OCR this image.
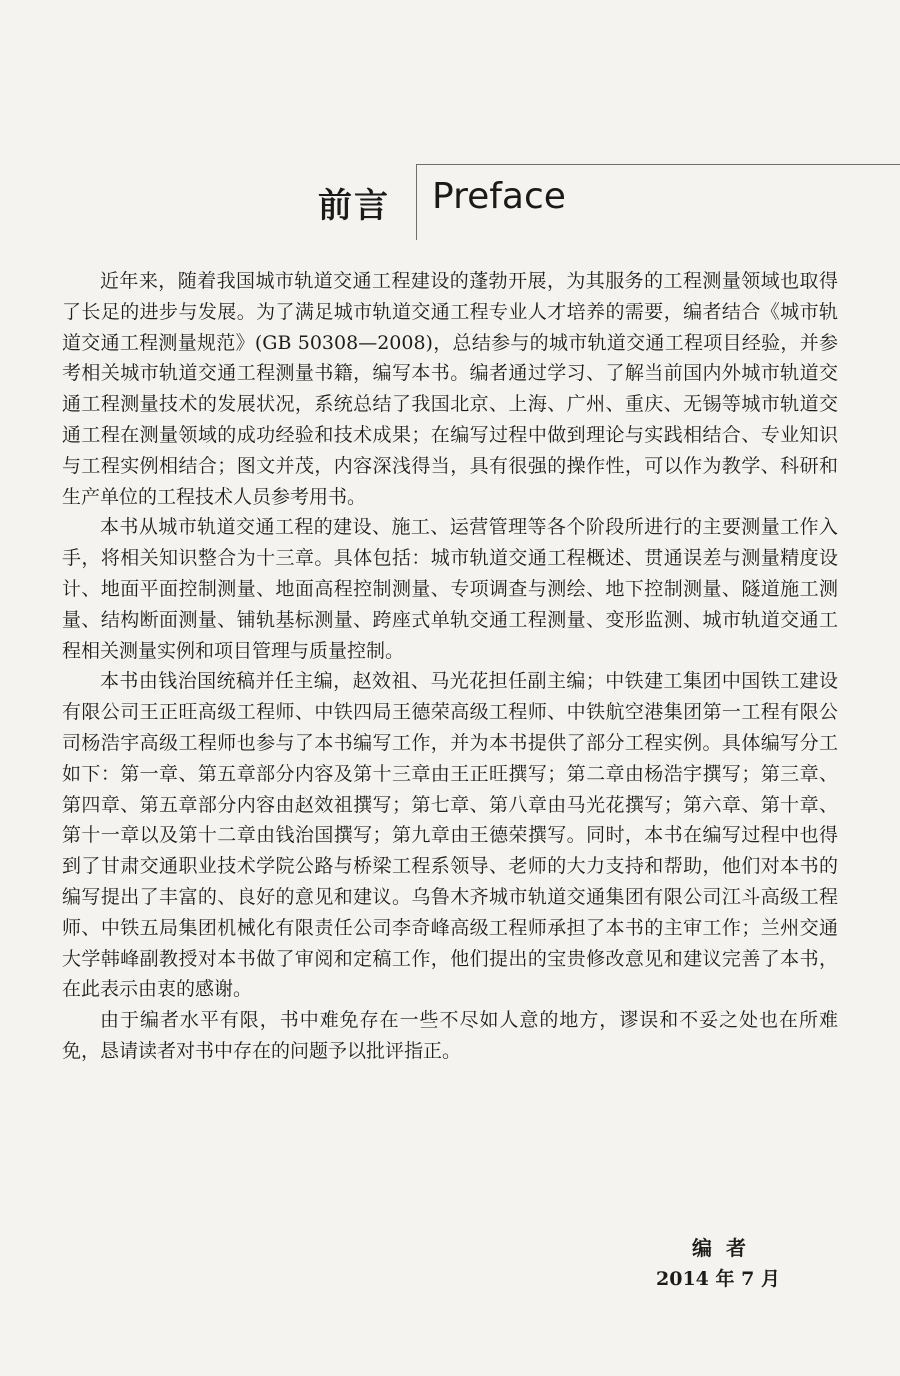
前言 Preface

近年来，随着我国城市轨道交通工程建设的蓬勃开展，为其服务的工程测量领域也取得了长足的进步与发展。为了满足城市轨道交通工程专业人才培养的需要，编者结合《城市轨道交通工程测量规范》(GB 50308—2008)，总结参与的城市轨道交通工程项目经验，并参考相关城市轨道交通工程测量书籍，编写本书。编者通过学习、了解当前国内外城市轨道交通工程测量技术的发展状况，系统总结了我国北京、上海、广州、重庆、无锡等城市轨道交通工程在测量领域的成功经验和技术成果；在编写过程中做到理论与实践相结合、专业知识与工程实例相结合；图文并茂，内容深浅得当，具有很强的操作性，可以作为教学、科研和生产单位的工程技术人员参考用书。

本书从城市轨道交通工程的建设、施工、运营管理等各个阶段所进行的主要测量工作入手，将相关知识整合为十三章。具体包括：城市轨道交通工程概述、贯通误差与测量精度设计、地面平面控制测量、地面高程控制测量、专项调查与测绘、地下控制测量、隧道施工测量、结构断面测量、铺轨基标测量、跨座式单轨交通工程测量、变形监测、城市轨道交通工程相关测量实例和项目管理与质量控制。

本书由钱治国统稿并任主编，赵效祖、马光花担任副主编；中铁建工集团中国铁工建设有限公司王正旺高级工程师、中铁四局王德荣高级工程师、中铁航空港集团第一工程有限公司杨浩宇高级工程师也参与了本书编写工作，并为本书提供了部分工程实例。具体编写分工如下：第一章、第五章部分内容及第十三章由王正旺撰写；第二章由杨浩宇撰写；第三章、第四章、第五章部分内容由赵效祖撰写；第七章、第八章由马光花撰写；第六章、第十章、第十一章以及第十二章由钱治国撰写；第九章由王德荣撰写。同时，本书在编写过程中也得到了甘肃交通职业技术学院公路与桥梁工程系领导、老师的大力支持和帮助，他们对本书的编写提出了丰富的、良好的意见和建议。乌鲁木齐城市轨道交通集团有限公司江斗高级工程师、中铁五局集团机械化有限责任公司李奇峰高级工程师承担了本书的主审工作；兰州交通大学韩峰副教授对本书做了审阅和定稿工作，他们提出的宝贵修改意见和建议完善了本书，在此表示由衷的感谢。

由于编者水平有限，书中难免存在一些不尽如人意的地方，谬误和不妥之处也在所难免，恳请读者对书中存在的问题予以批评指正。

编者
2014 年 7 月
